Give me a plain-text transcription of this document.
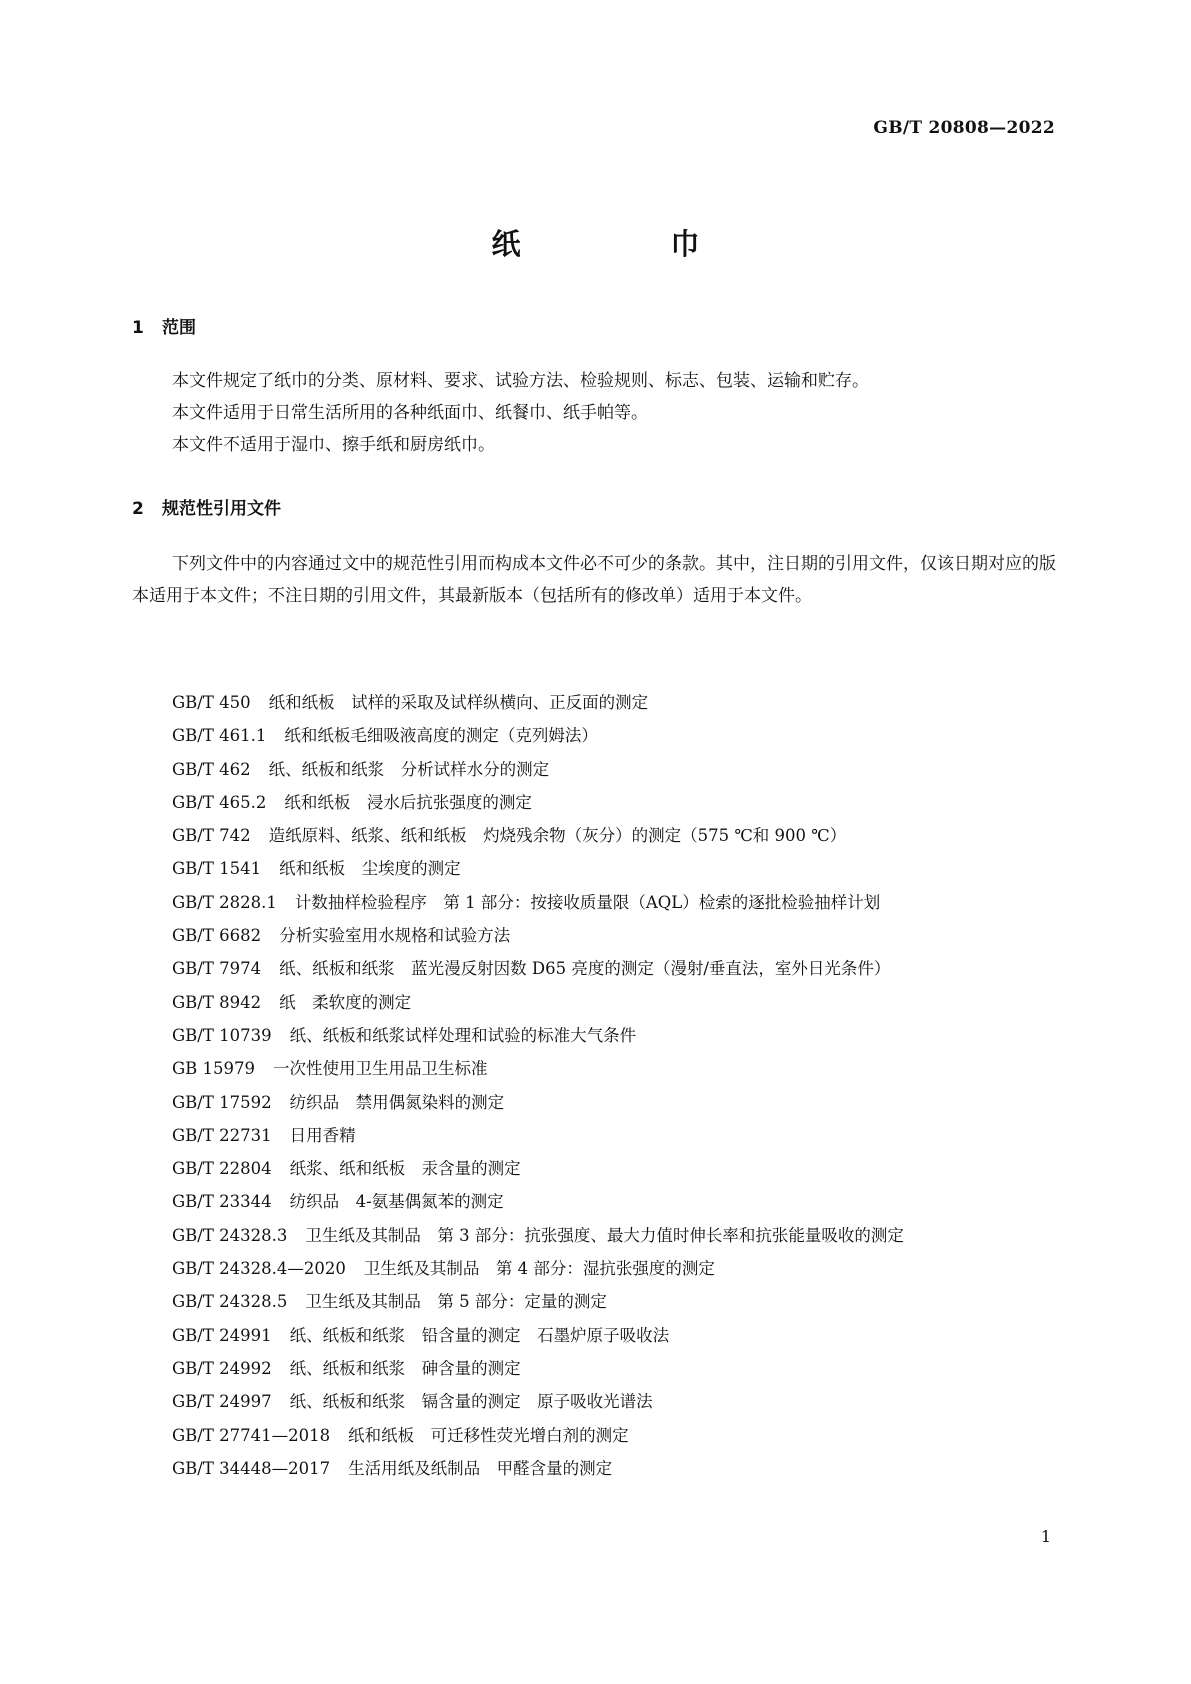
GB/T 20808—2022
纸巾
1 范围

本文件规定了纸巾的分类、原材料、要求、试验方法、检验规则、标志、包装、运输和贮存。

本文件适用于日常生活所用的各种纸面巾、纸餐巾、纸手帕等。

本文件不适用于湿巾、擦手纸和厨房纸巾。

2 规范性引用文件

下列文件中的内容通过文中的规范性引用而构成本文件必不可少的条款。其中，注日期的引用文件，仅该日期对应的版本适用于本文件；不注日期的引用文件，其最新版本（包括所有的修改单）适用于本文件。

GB/T 450 纸和纸板　试样的采取及试样纵横向、正反面的测定
GB/T 461.1 纸和纸板毛细吸液高度的测定（克列姆法）
GB/T 462 纸、纸板和纸浆　分析试样水分的测定
GB/T 465.2 纸和纸板　浸水后抗张强度的测定
GB/T 742 造纸原料、纸浆、纸和纸板　灼烧残余物（灰分）的测定（575 ℃和 900 ℃）
GB/T 1541 纸和纸板　尘埃度的测定
GB/T 2828.1 计数抽样检验程序　第 1 部分：按接收质量限（AQL）检索的逐批检验抽样计划
GB/T 6682 分析实验室用水规格和试验方法
GB/T 7974 纸、纸板和纸浆　蓝光漫反射因数 D65 亮度的测定（漫射/垂直法，室外日光条件）
GB/T 8942 纸　柔软度的测定
GB/T 10739 纸、纸板和纸浆试样处理和试验的标准大气条件
GB 15979 一次性使用卫生用品卫生标准
GB/T 17592 纺织品　禁用偶氮染料的测定
GB/T 22731 日用香精
GB/T 22804 纸浆、纸和纸板　汞含量的测定
GB/T 23344 纺织品　4-氨基偶氮苯的测定
GB/T 24328.3 卫生纸及其制品　第 3 部分：抗张强度、最大力值时伸长率和抗张能量吸收的测定
GB/T 24328.4—2020 卫生纸及其制品　第 4 部分：湿抗张强度的测定
GB/T 24328.5 卫生纸及其制品　第 5 部分：定量的测定
GB/T 24991 纸、纸板和纸浆　铅含量的测定　石墨炉原子吸收法
GB/T 24992 纸、纸板和纸浆　砷含量的测定
GB/T 24997 纸、纸板和纸浆　镉含量的测定　原子吸收光谱法
GB/T 27741—2018 纸和纸板　可迁移性荧光增白剂的测定
GB/T 34448—2017 生活用纸及纸制品　甲醛含量的测定
1
